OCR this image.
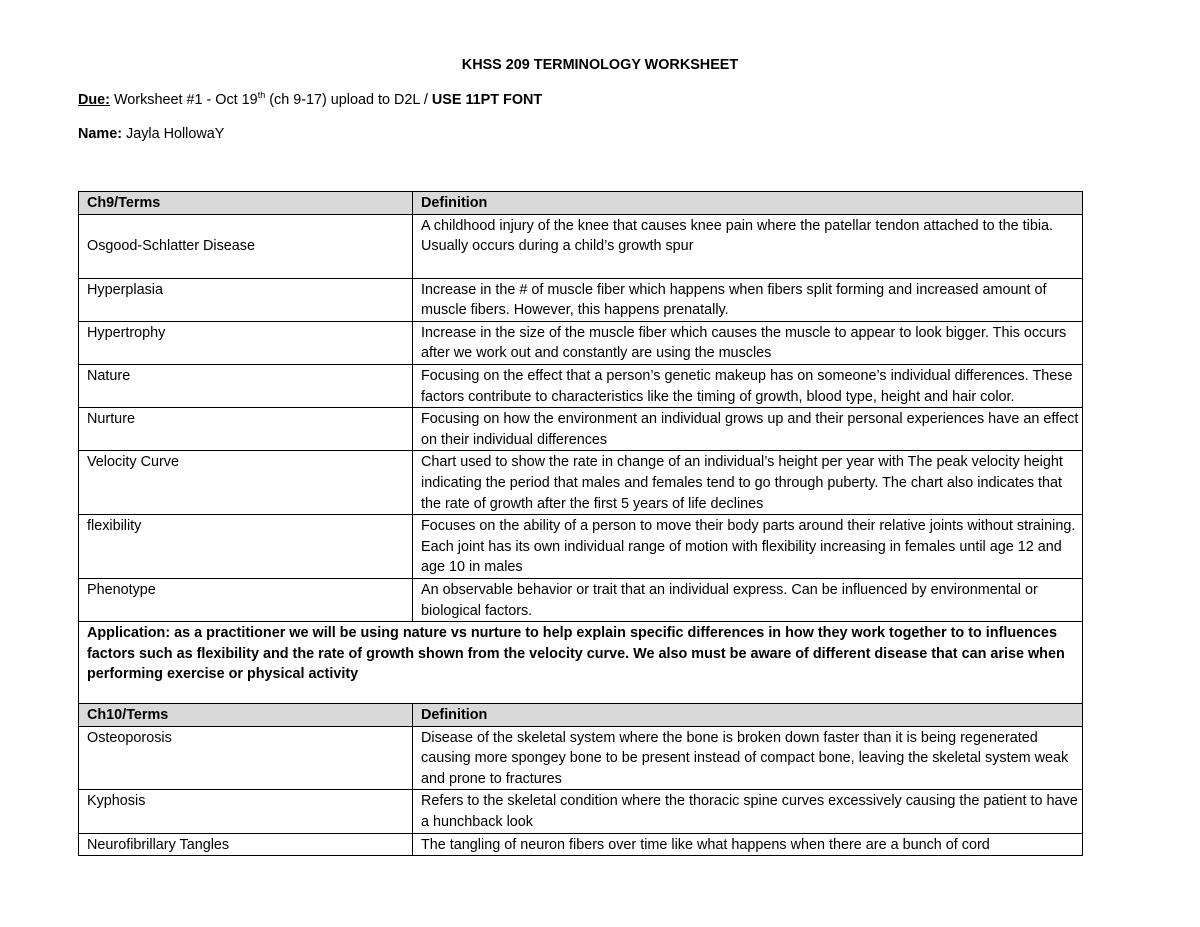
KHSS 209 TERMINOLOGY WORKSHEET
Due: Worksheet #1 - Oct 19th (ch 9-17) upload to D2L / USE 11PT FONT
Name: Jayla HollowaY
Ch9/Terms	Definition
Osgood-Schlatter Disease	A childhood injury of the knee that causes knee pain where the patellar tendon attached to the tibia. Usually occurs during a child’s growth spur
Hyperplasia	Increase in the # of muscle fiber which happens when fibers split forming and increased amount of muscle fibers. However, this happens prenatally.
Hypertrophy	Increase in the size of the muscle fiber which causes the muscle to appear to look bigger. This occurs after we work out and constantly are using the muscles
Nature	Focusing on the effect that a person’s genetic makeup has on someone’s individual differences. These factors contribute to characteristics like the timing of growth, blood type, height and hair color.
Nurture	Focusing on how the environment an individual grows up and their personal experiences have an effect on their individual differences
Velocity Curve	Chart used to show the rate in change of an individual’s height per year with The peak velocity height indicating the period that males and females tend to go through puberty. The chart also indicates that the rate of growth after the first 5 years of life declines
flexibility	Focuses on the ability of a person to move their body parts around their relative joints without straining. Each joint has its own individual range of motion with flexibility increasing in females until age 12 and age 10 in males
Phenotype	An observable behavior or trait that an individual express. Can be influenced by environmental or biological factors.
Application: as a practitioner we will be using nature vs nurture to help explain specific differences in how they work together to to influences factors such as flexibility and the rate of growth shown from the velocity curve. We also must be aware of different disease that can arise when performing exercise or physical activity	
Ch10/Terms	Definition
Osteoporosis	Disease of the skeletal system where the bone is broken down faster than it is being regenerated causing more spongey bone to be present instead of compact bone, leaving the skeletal system weak and prone to fractures
Kyphosis	Refers to the skeletal condition where the thoracic spine curves excessively causing the patient to have a hunchback look
Neurofibrillary Tangles	The tangling of neuron fibers over time like what happens when there are a bunch of cord
